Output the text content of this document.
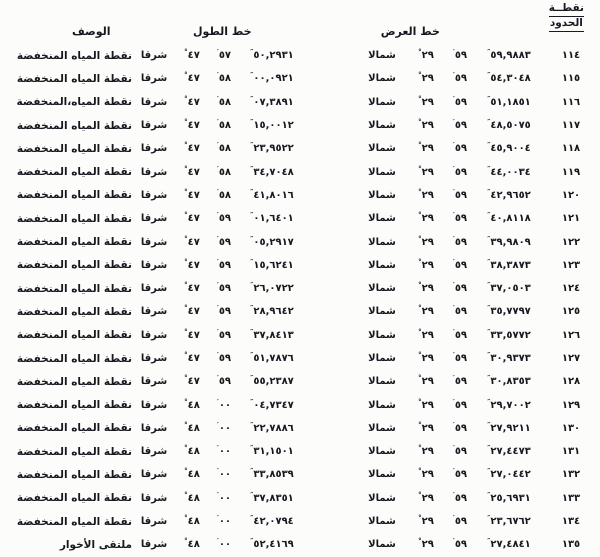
نقطــة
الحدود
خط العرض
خط الطول
الوصف
١١٤
″٥٩,٩٨٨٣
′٥٩
°٢٩
شمالا
″٥٠,٢٩٣١
′٥٧
°٤٧
شرقا
نقطة المياه المنخفضة
١١٥
″٥٤,٣٠٤٨
′٥٩
°٢٩
شمالا
″٠٠,٠٩٢١
′٥٨
°٤٧
شرقا
نقطة المياه المنخفضة
١١٦
″٥١,١٨٥١
′٥٩
°٢٩
شمالا
″٠٧,٣٨٩١
′٥٨
°٤٧
شرقا
نقطة المياه،المنخفضة
١١٧
″٤٨,٥٠٧٥
′٥٩
°٢٩
شمالا
″١٥,٠٠١٢
′٥٨
°٤٧
شرقا
نقطة المياه المنخفضة
١١٨
″٤٥,٩٠٠٤
′٥٩
°٢٩
شمالا
″٢٣,٩٥٢٢
′٥٨
°٤٧
شرقا
نقطة المياه المنخفضة
١١٩
″٤٤,٠٠٣٤
′٥٩
°٢٩
شمالا
″٣٤,٧٠٤٨
′٥٨
°٤٧
شرقا
نقطة المياه المنخفضة
١٢٠
″٤٢,٩٦٥٢
′٥٩
°٢٩
شمالا
″٤١,٨٠١٦
′٥٨
°٤٧
شرقا
نقطة المياه المنخفضة
١٢١
″٤٠,٨١١٨
′٥٩
°٢٩
شمالا
″٠١,٦٤٠١
′٥٩
°٤٧
شرقا
نقطة المياه المنخفضة
١٢٢
″٣٩,٩٨٠٩
′٥٩
°٢٩
شمالا
″٠٥,٢٩١٧
′٥٩
°٤٧
شرقا
نقطة المياه المنخفضة
١٢٣
″٣٨,٣٨٧٣
′٥٩
°٢٩
شمالا
″١٥,٦٢٤١
′٥٩
°٤٧
شرقا
نقطة المياه المنخفضة
١٢٤
″٣٧,٠٥٠٣
′٥٩
°٢٩
شمالا
″٢٦,٠٧٢٢
′٥٩
°٤٧
شرقا
نقطة المياه المنخفضة
١٢٥
″٣٥,٧٧٩٧
′٥٩
°٢٩
شمالا
″٢٨,٩٦٤٢
′٥٩
°٤٧
شرقا
نقطة المياه المنخفضة
١٢٦
″٣٣,٥٧٧٢
′٥٩
°٢٩
شمالا
″٣٧,٨٤١٣
′٥٩
°٤٧
شرقا
نقطة المياه المنخفضة
١٢٧
″٣٠,٩٣٧٣
′٥٩
°٢٩
شمالا
″٥١,٧٨٧٦
′٥٩
°٤٧
شرقا
نقطة المياه المنخفضة
١٢٨
″٣٠,٨٣٥٣
′٥٩
°٢٩
شمالا
″٥٥,٢٣٨٧
′٥٩
°٤٧
شرقا
نقطة المياه المنخفضة
١٢٩
″٢٩,٧٠٠٢
′٥٩
°٢٩
شمالا
″٠٤,٧٣٤٧
′٠٠
°٤٨
شرقا
نقطة المياه المنخفضة
١٣٠
″٢٧,٩٢١١
′٥٩
°٢٩
شمالا
″٢٢,٧٨٨٦
′٠٠
°٤٨
شرقا
نقطة المياه المنخفضة
١٣١
″٢٧,٤٤٧٣
′٥٩
°٢٩
شمالا
″٣١,١٥٠١
′٠٠
°٤٨
شرقا
نقطة المياه المنخفضة
١٣٢
″٢٧,٠٤٤٢
′٥٩
°٢٩
شمالا
″٣٣,٨٥٣٩
′٠٠
°٤٨
شرقا
نقطة المياه المنخفضة
١٣٣
″٢٥,٦٩٣١
′٥٩
°٢٩
شمالا
″٣٧,٨٣٥١
′٠٠
°٤٨
شرقا
نقطة المياه المنخفضة
١٣٤
″٢٣,٦٧٦٢
′٥٩
°٢٩
شمالا
″٤٢,٠٧٩٤
′٠٠
°٤٨
شرقا
نقطة المياه المنخفضة
١٣٥
″٢٧,٤٨٤١
′٥٩
°٢٩
شمالا
″٥٢,٤١٦٩
′٠٠
°٤٨
شرقا
ملتقى الأخوار
